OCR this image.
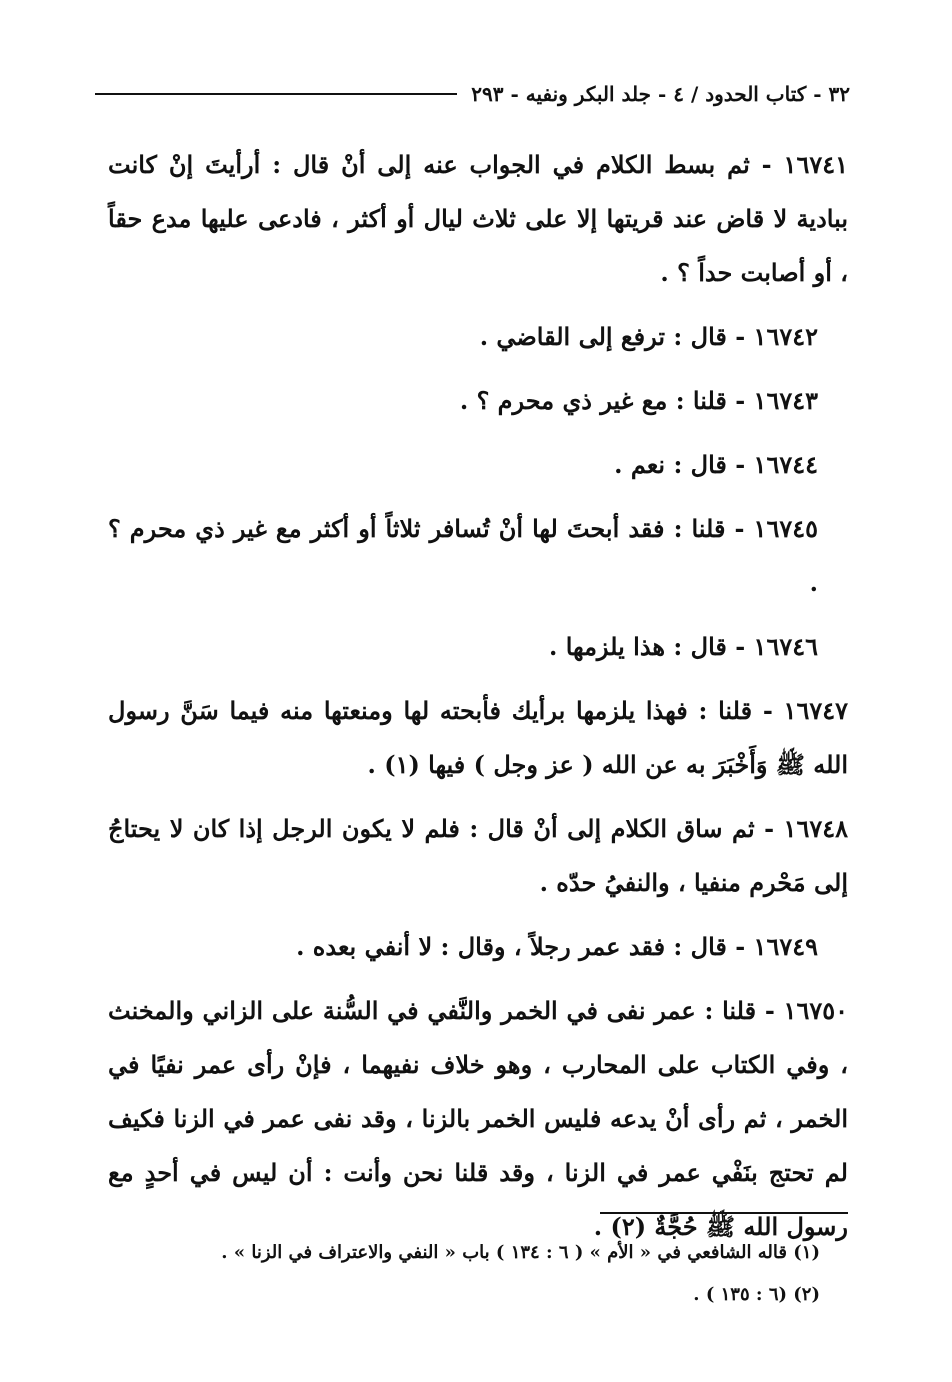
٣٢ - كتاب الحدود / ٤ - جلد البكر ونفيه - ٢٩٣

١٦٧٤١ - ثم بسط الكلام في الجواب عنه إلى أنْ قال : أرأيتَ إنْ كانت ببادية لا قاض عند قريتها إلا على ثلاث ليال أو أكثر ، فادعى عليها مدع حقاً ، أو أصابت حداً ؟ .

١٦٧٤٢ - قال : ترفع إلى القاضي .

١٦٧٤٣ - قلنا : مع غير ذي محرم ؟ .

١٦٧٤٤ - قال : نعم .

١٦٧٤٥ - قلنا : فقد أبحتَ لها أنْ تُسافر ثلاثاً أو أكثر مع غير ذي محرم ؟ .

١٦٧٤٦ - قال : هذا يلزمها .

١٦٧٤٧ - قلنا : فهذا يلزمها برأيك فأبحته لها ومنعتها منه فيما سَنَّ رسول الله ﷺ وَأَخْبَرَ به عن الله ( عز وجل ) فيها (١) .

١٦٧٤٨ - ثم ساق الكلام إلى أنْ قال : فلم لا يكون الرجل إذا كان لا يحتاجُ إلى مَحْرم منفيا ، والنفيُ حدّه .

١٦٧٤٩ - قال : فقد عمر رجلاً ، وقال : لا أنفي بعده .

١٦٧٥٠ - قلنا : عمر نفى في الخمر والنَّفي في السُّنة على الزاني والمخنث ، وفي الكتاب على المحارب ، وهو خلاف نفيهما ، فإنْ رأى عمر نفيًا في الخمر ، ثم رأى أنْ يدعه فليس الخمر بالزنا ، وقد نفى عمر في الزنا فكيف لم تحتج بنَفْي عمر في الزنا ، وقد قلنا نحن وأنت : أن ليس في أحدٍ مع رسول الله ﷺ حُجَّةٌ (٢) .

(١) قاله الشافعي في « الأم » ( ٦ : ١٣٤ ) باب « النفي والاعتراف في الزنا » .

(٢) (٦ : ١٣٥ ) .
